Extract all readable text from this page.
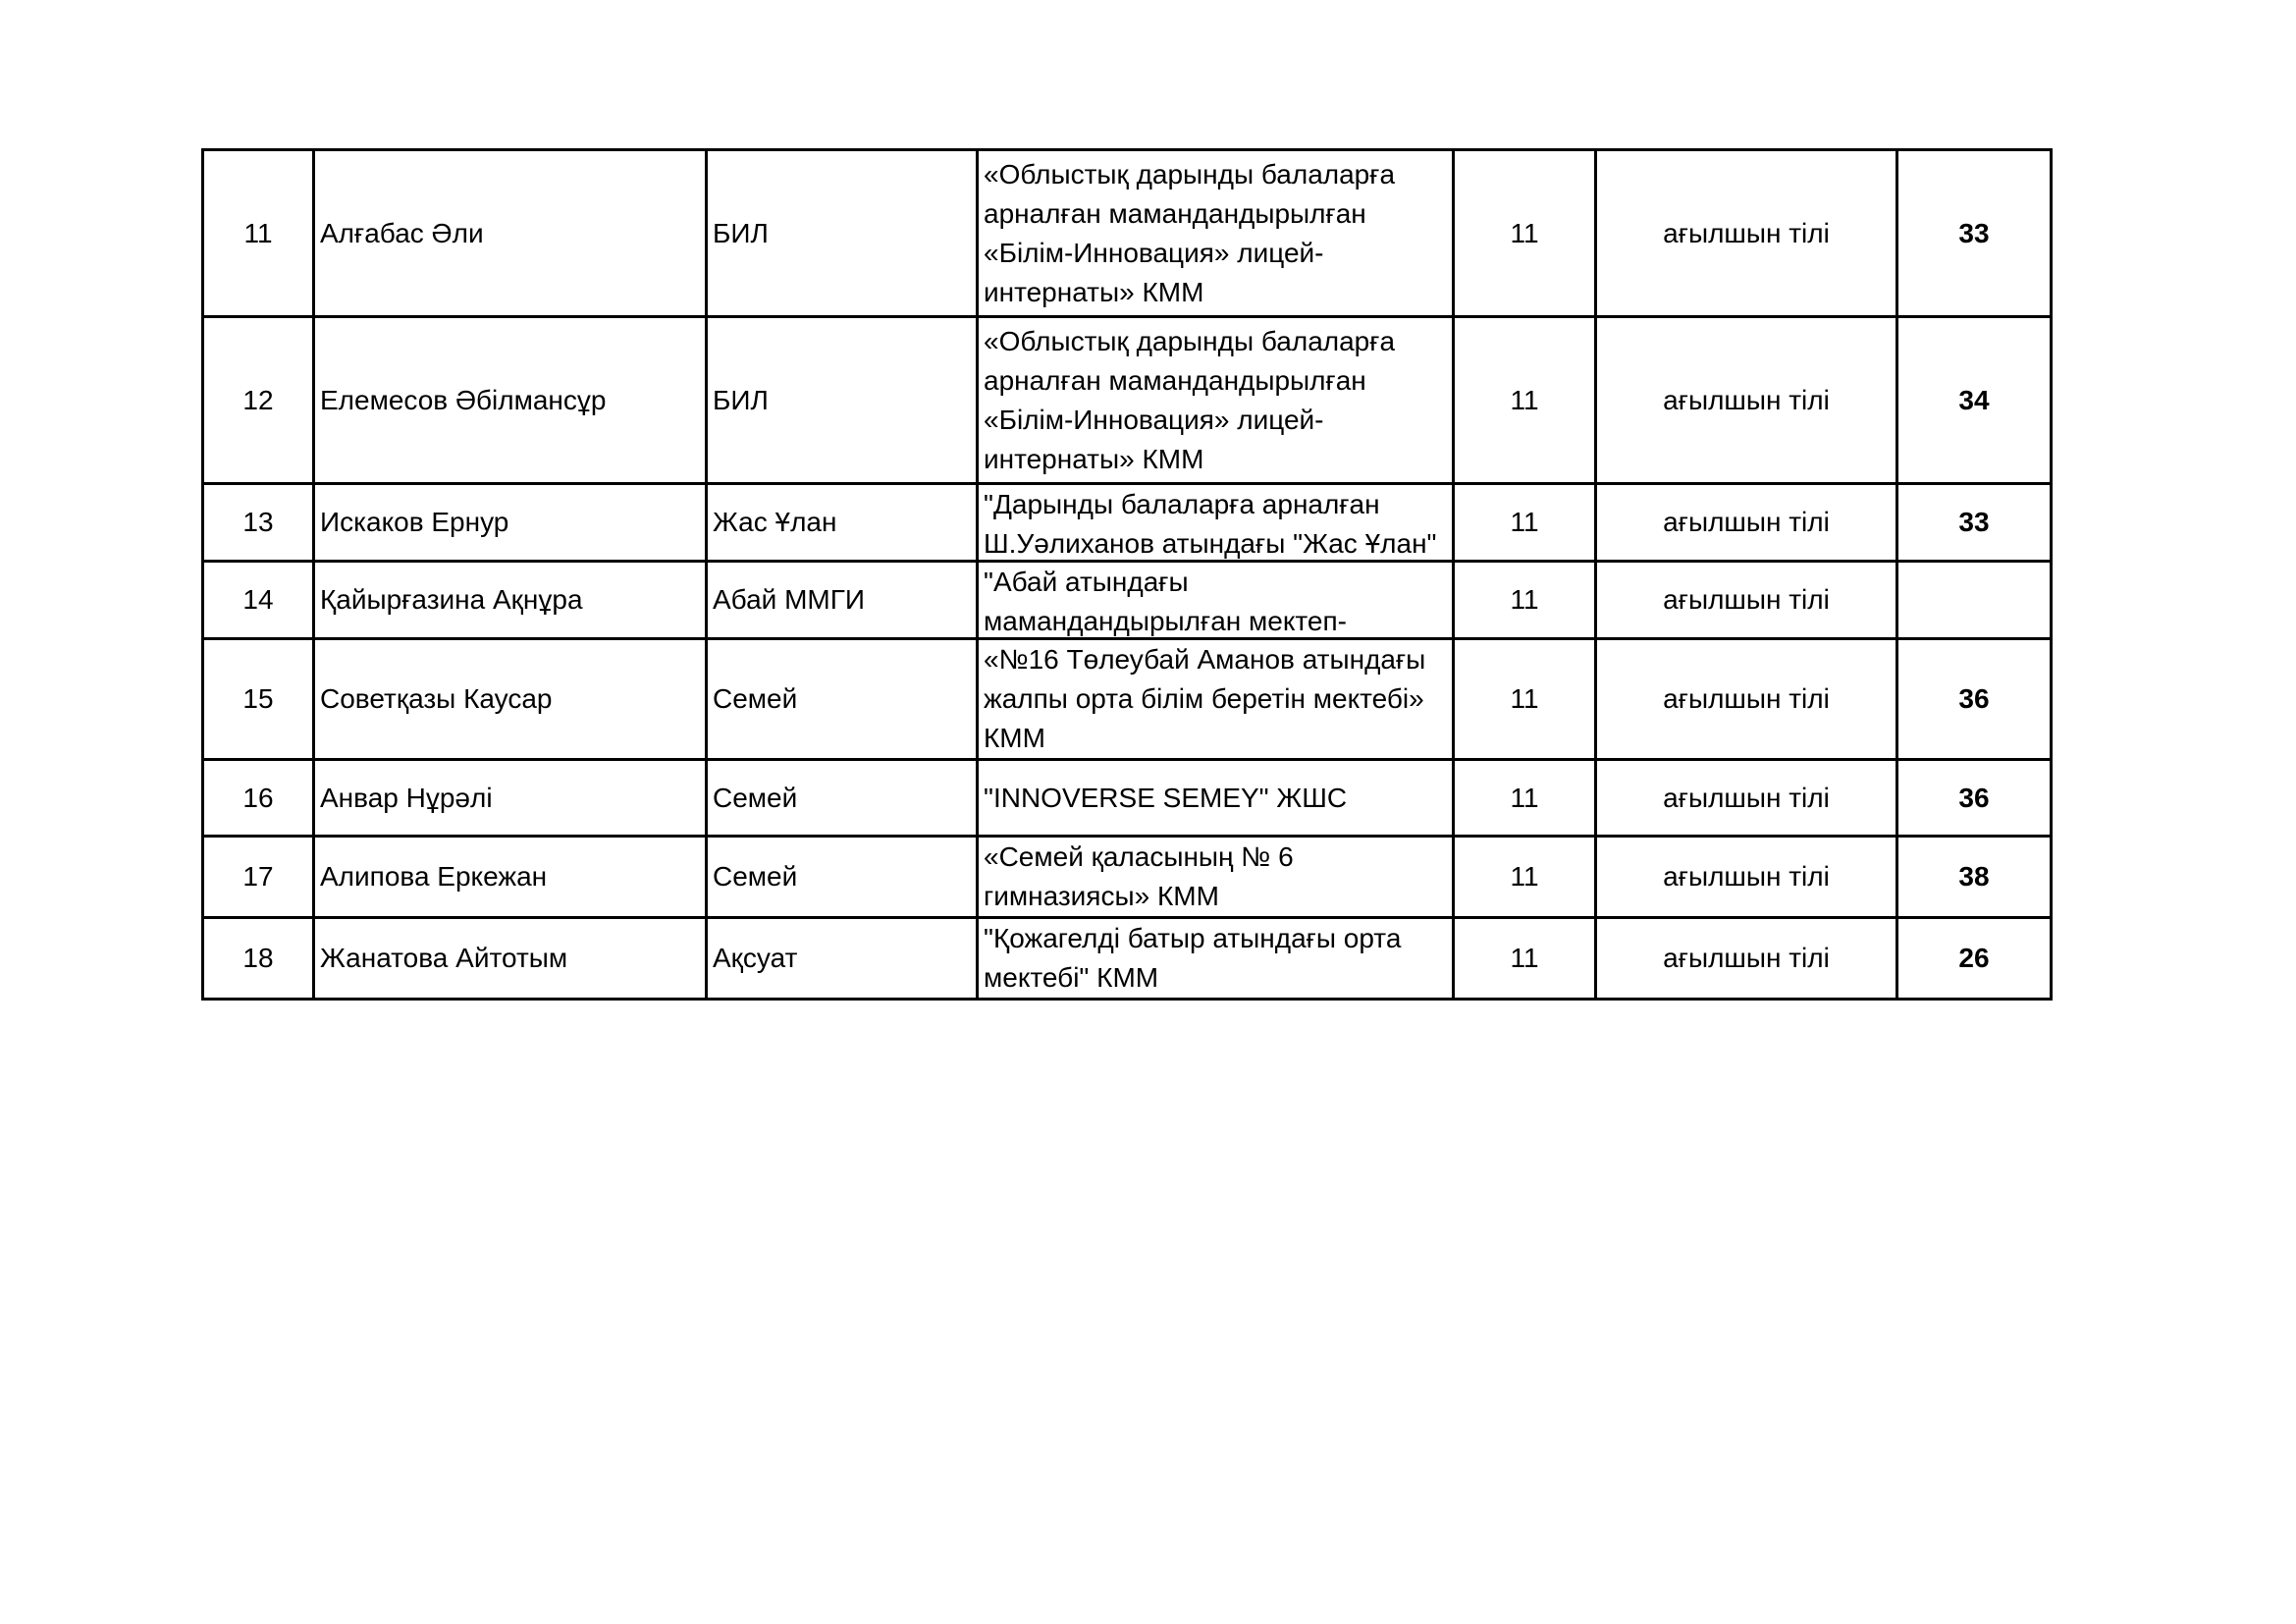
11	Алғабас Әли	БИЛ	«Облыстық дарынды балаларға арналған мамандандырылған «Білім-Инновация» лицей-интернаты» КММ	11	ағылшын тілі	33
12	Елемесов Әбілмансұр	БИЛ	«Облыстық дарынды балаларға арналған мамандандырылған «Білім-Инновация» лицей-интернаты» КММ	11	ағылшын тілі	34
13	Искаков Ернур	Жас Ұлан	"Дарынды балаларға арналған Ш.Уәлиханов атындағы "Жас Ұлан"	11	ағылшын тілі	33
14	Қайырғазина Ақнұра	Абай ММГИ	"Абай атындағы мамандандырылған мектеп-	11	ағылшын тілі	
15	Советқазы Каусар	Семей	«№16 Төлеубай Аманов атындағы жалпы орта білім беретін мектебі» КММ	11	ағылшын тілі	36
16	Анвар Нұрәлі	Семей	"INNOVERSE SEMEY" ЖШС	11	ағылшын тілі	36
17	Алипова Еркежан	Семей	«Семей қаласының № 6 гимназиясы» КММ	11	ағылшын тілі	38
18	Жанатова Айтотым	Ақсуат	"Қожагелді батыр атындағы орта мектебі" КММ	11	ағылшын тілі	26
